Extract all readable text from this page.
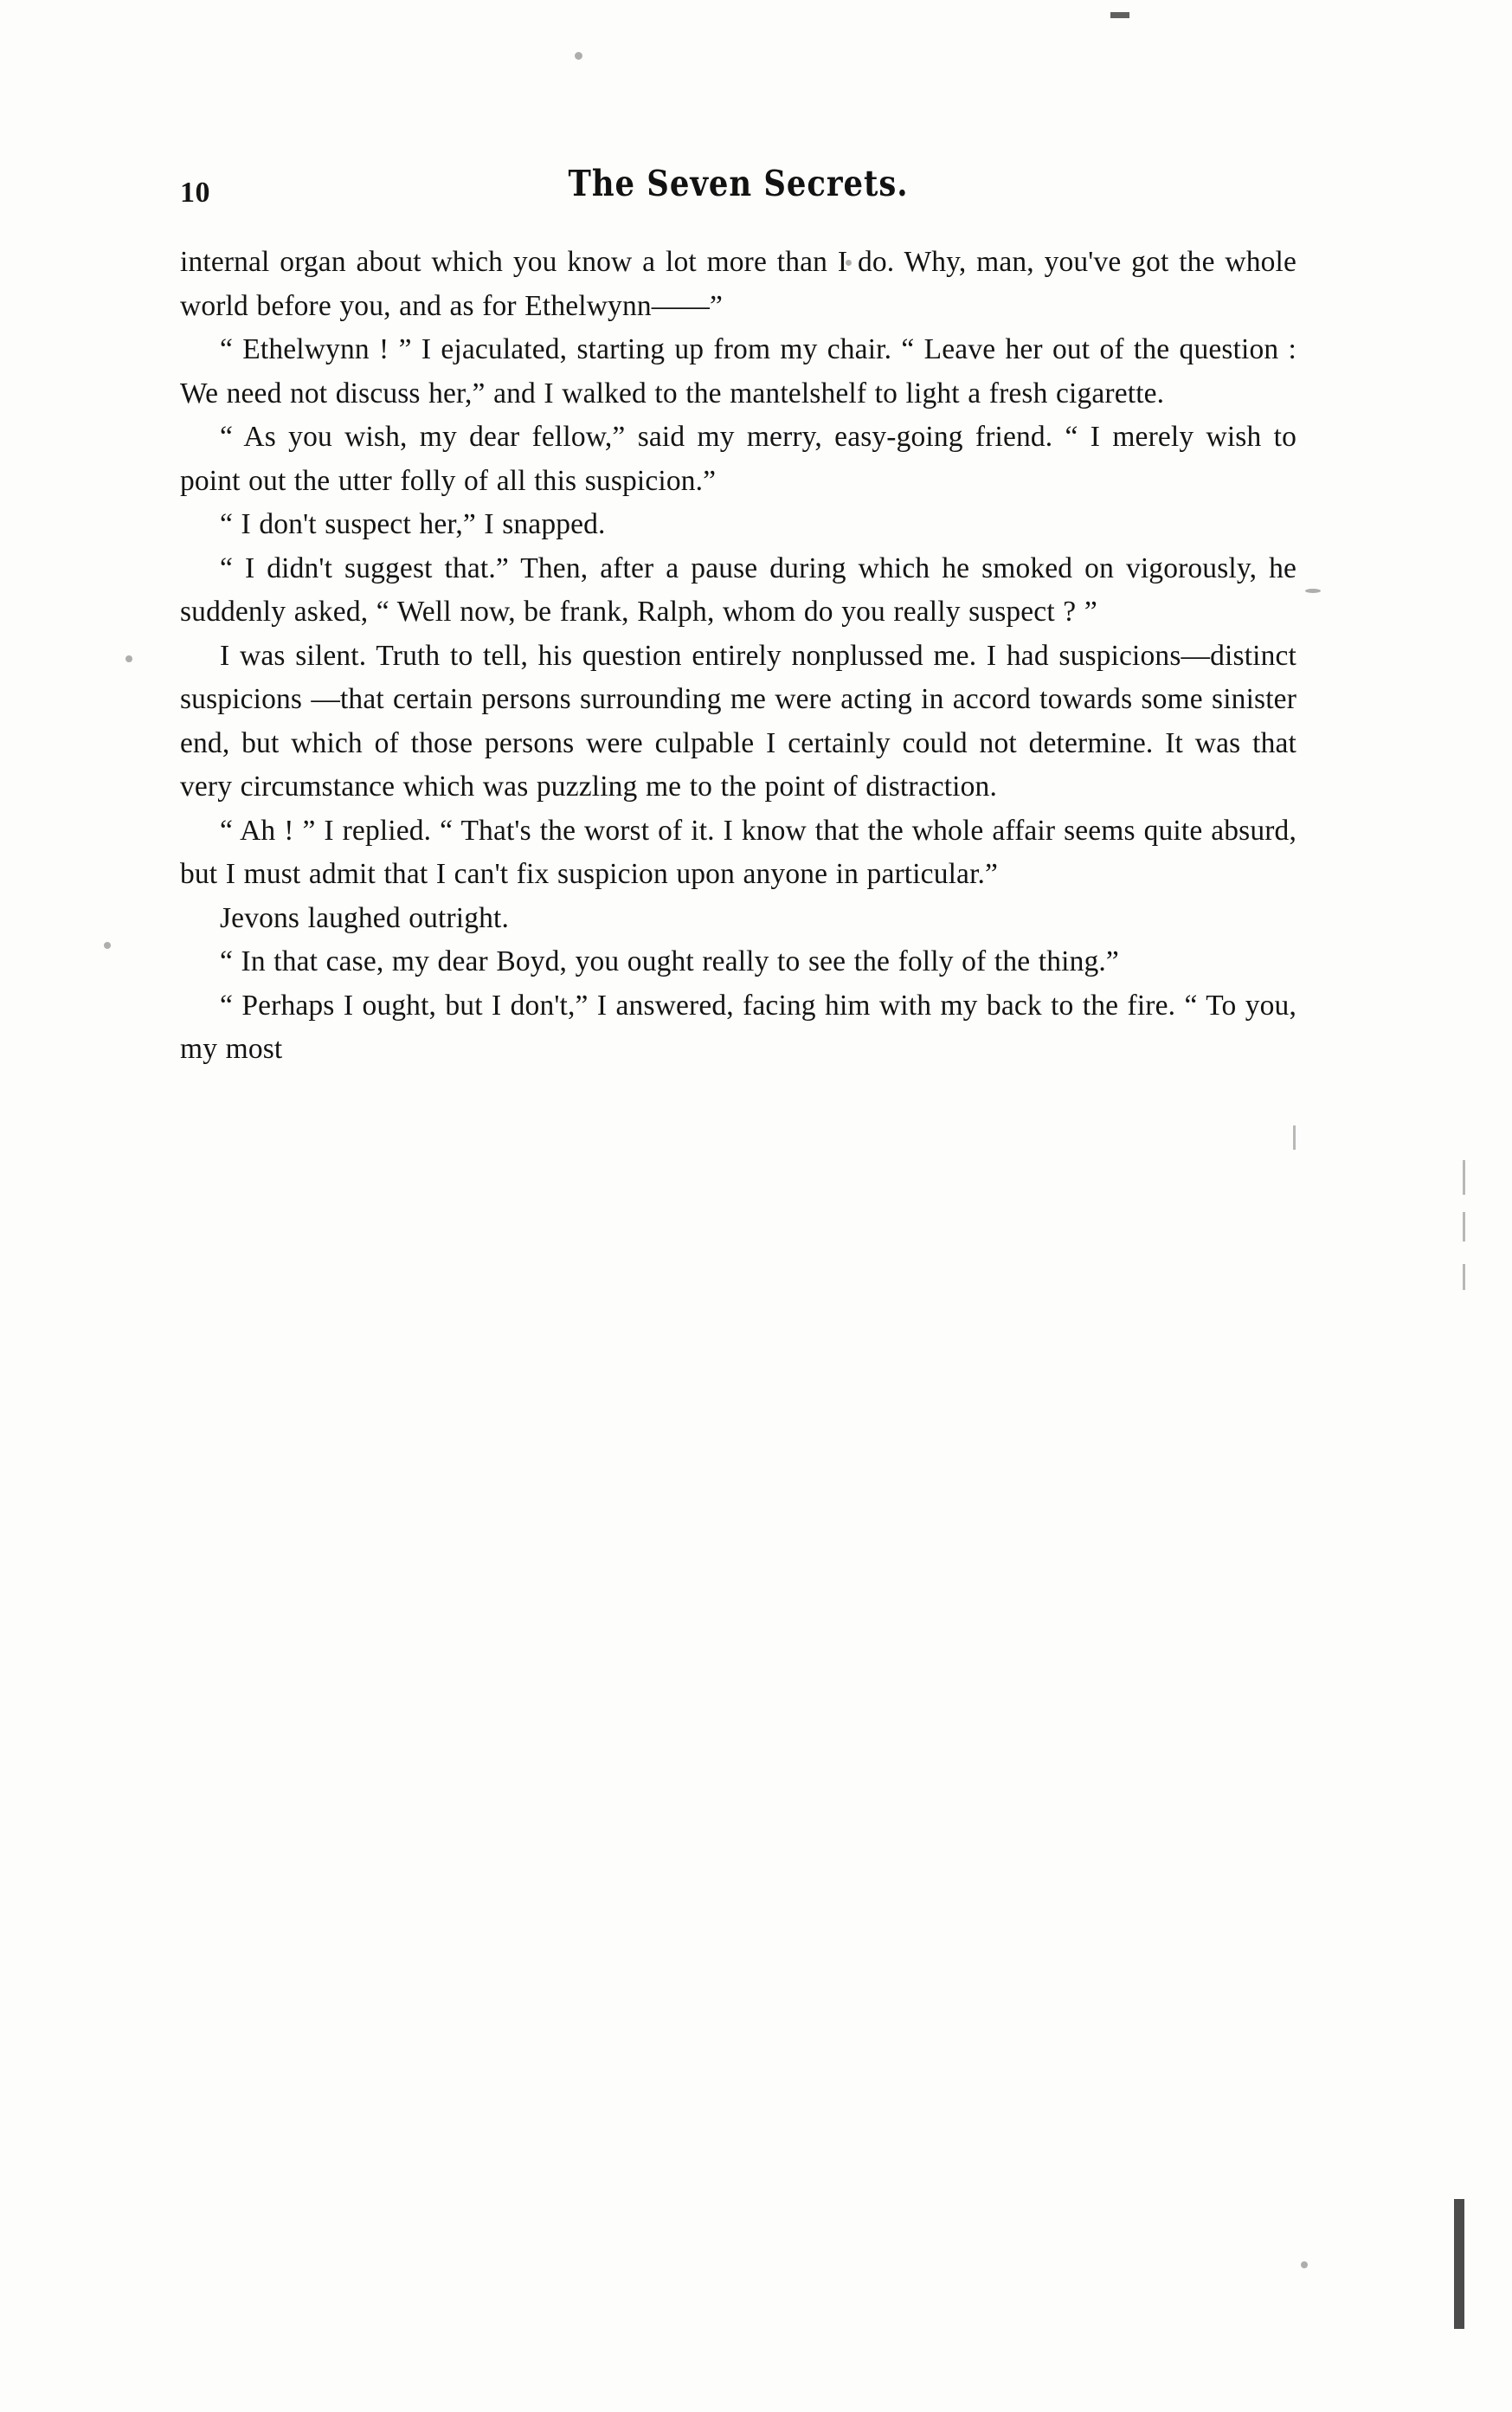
10	The Seven Secrets.

internal organ about which you know a lot more than I do. Why, man, you've got the whole world before you, and as for Ethelwynn——”

“ Ethelwynn ! ” I ejaculated, starting up from my chair. “ Leave her out of the question : We need not discuss her,” and I walked to the mantelshelf to light a fresh cigarette.

“ As you wish, my dear fellow,” said my merry, easy-going friend. “ I merely wish to point out the utter folly of all this suspicion.”

“ I don't suspect her,” I snapped.

“ I didn't suggest that.” Then, after a pause during which he smoked on vigorously, he suddenly asked, “ Well now, be frank, Ralph, whom do you really suspect ? ”

I was silent. Truth to tell, his question entirely nonplussed me. I had suspicions—distinct suspicions —that certain persons surrounding me were acting in accord towards some sinister end, but which of those persons were culpable I certainly could not determine. It was that very circumstance which was puzzling me to the point of distraction.

“ Ah ! ” I replied. “ That's the worst of it. I know that the whole affair seems quite absurd, but I must admit that I can't fix suspicion upon anyone in particular.”

Jevons laughed outright.

“ In that case, my dear Boyd, you ought really to see the folly of the thing.”

“ Perhaps I ought, but I don't,” I answered, facing him with my back to the fire. “ To you, my most
